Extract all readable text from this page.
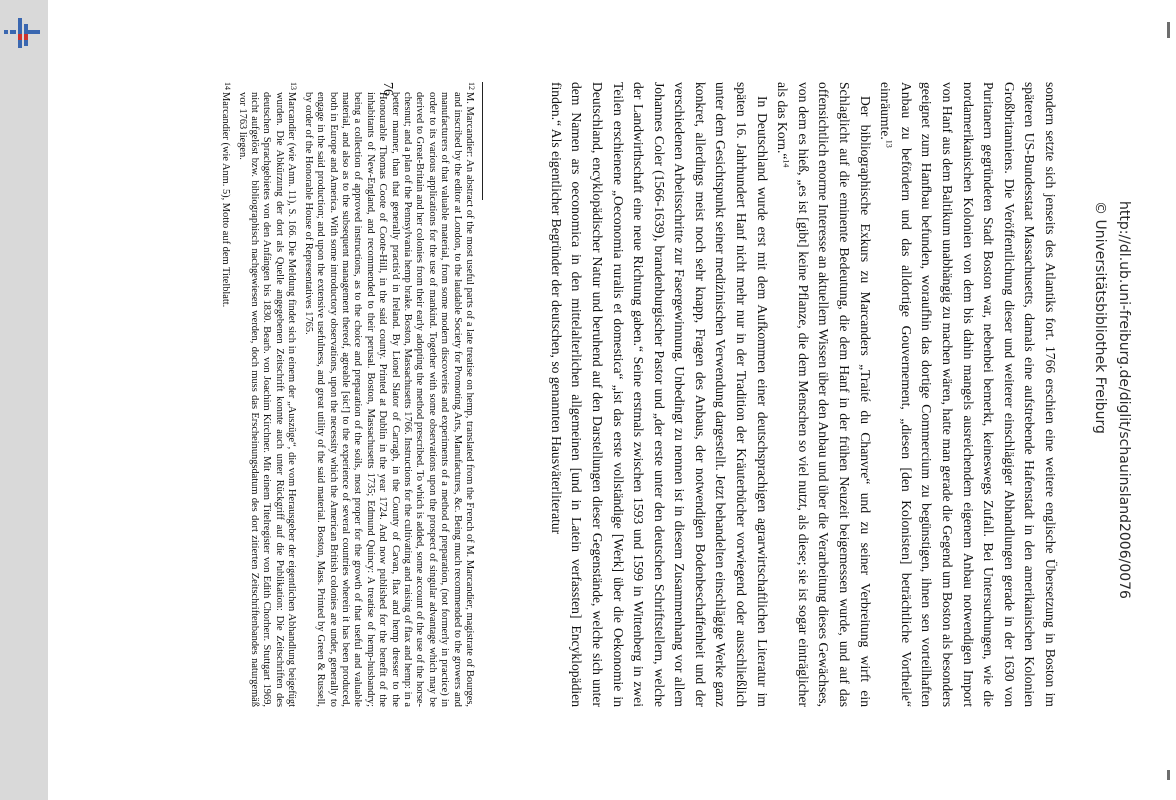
sondern setzte sich jenseits des Atlantiks fort. 1766 erschien eine weitere englische Übersetzung in Boston im späteren US-Bundesstaat Massachusetts, damals eine aufstrebende Hafenstadt in den amerikanischen Kolonien Großbritanniens. Die Veröffentlichung dieser und weiterer einschlägiger Abhandlungen gerade in der 1630 von Puritanern gegründeten Stadt Boston war, nebenbei bemerkt, keineswegs Zufall. Bei Untersuchungen, wie die nordamerikanischen Kolonien von dem bis dahin mangels ausreichendem eigenem Anbau notwendigen Import von Hanf aus dem Baltikum unabhängig zu machen wären, hatte man gerade die Gegend um Boston als besonders geeignet zum Hanfbau befunden, woraufhin das dortige Commercium zu begünstigen, ihnen sen vorteilhaften Anbau zu befördern und das alldortige Gouvernement, „diesen [den Kolonisten] beträchtliche Vortheile“ einräumte.$^{13}$

Der bibliographische Exkurs zu Marcanders „Traité du Chanvre“ und zu seiner Verbreitung wirft ein Schlaglicht auf die eminente Bedeutung, die dem Hanf in der frühen Neuzeit beigemessen wurde, und auf das offensichtlich enorme Interesse an aktuellem Wissen über den Anbau und über die Verarbeitung dieses Gewächses, von dem es hieß, „es ist [gibt] keine Pflanze, die dem Menschen so viel nutzt, als diese; sie ist sogar einträglicher als das Korn.“$^{14}$

In Deutschland wurde erst mit dem Aufkommen einer deutschsprachigen agrarwirtschaftlichen Literatur im späten 16. Jahrhundert Hanf nicht mehr nur in der Tradition der Kräuterbücher vorwiegend oder ausschließlich unter dem Gesichtspunkt seiner medizinischen Verwendung dargestellt. Jetzt behandelten einschlägige Werke ganz konkret, allerdings meist noch sehr knapp, Fragen des Anbaus, der notwendigen Bodenbeschaffenheit und der verschiedenen Arbeitsschritte zur Fasergewinnung. Unbedingt zu nennen ist in diesem Zusammenhang vor allem Johannes Coler (1566-1639), brandenburgischer Pastor und „der erste unter den deutschen Schriftstellern, welche der Landwirthschaft eine neue Richtung gaben.“ Seine erstmals zwischen 1593 und 1599 in Wittenberg in zwei Teilen erschienene „Oeconomia ruralis et domestica“ „ist das erste vollständige [Werk] über die Oekonomie in Deutschland, encyklopädischer Natur und beruhend auf den Darstellungen dieser Gegenstände, welche sich unter dem Namen ars oeconomica in den mittelalterlichen allgemeinen [und in Latein verfassten] Encyklopädien finden.“ Als eigentlicher Begründer der deutschen, so genannten Hausväterliteratur

12
M. Marcandier: An abstract of the most useful parts of a late treatise on hemp, translated from the French of M. Marcandier, magistrate of Bourges, and inscribed by the editor at London, to the laudable Society for Promoting Arts, Manufactures, &c. Being much recommended to the growers and manufacturers of that valuable material, from some modern discoveries and experiments of a method of preparation, (not formerly in practice) in order to its various applications for the use of mankind. Together with some observations upon the prospect of singular advantage which may be derived to Great-Britain and her colonies from their early adopting the method prescribed. To which is added, some account of the use of the horse-chesnut; and a plan of the Pennsylvania hemp brake. Boston, Massachusetts 1766. Instructions for the cultivating and raising of flax and hemp: in a better manner, than that generally practis'd in Ireland. By Lionel Slator of Carragh, in the County of Cavan, flax and hemp dresser to the Honourable Thomas Coote of Coote-Hill, in the said county. Printed at Dublin in the year 1724. And now published for the benefit of the inhabitants of New-England, and recommended to their perusal. Boston, Massachusetts 1735; Edmund Quincy: A treatise of hemp-husbandry; being a collection of approved instructions, as to the choice and preparation of the soils, most proper for the growth of that useful and valuable material, and also as to the subsequent management thereof, agreable [sic!] to the experience of several countries wherein it has been produced, both in Europe and America. With some introductory observations, upon the necessity which the American British colonies are under, generally to engage in the said production; and upon the extensive usefulness, and great utility of the said material. Boston, Mass. Printed by Green & Russell, by order of the Honorable House of Representatives 1765.
13
Marcandier (wie Anm. 11), S. 166. Die Meldung findet sich in einem der „Auszüge“, die vom Herausgeber der eigentlichen Abhandlung beigefügt wurden. Die Abkürzung der dort als Quelle angegebenen Zeitschrift konnte auch unter Rückgriff auf die Publikation: Die Zeitschriften des deutschen Sprachgebietes von den Anfängen bis 1830. Bearb. von Joachim Kirchner. Mit einem Titelregister von Edith Chorherr. Stuttgart 1969, nicht aufgelöst bzw. bibliographisch nachgewiesen werden, doch muss das Erscheinungsdatum des dort zitierten Zeitschriftenbandes naturgemäß vor 1763 liegen.
14
Marcandier (wie Anm. 5), Motto auf dem Titelblatt.
76
http://dl.ub.uni-freiburg.de/diglit/schauinsland2006/0076
© Universitätsbibliothek Freiburg
